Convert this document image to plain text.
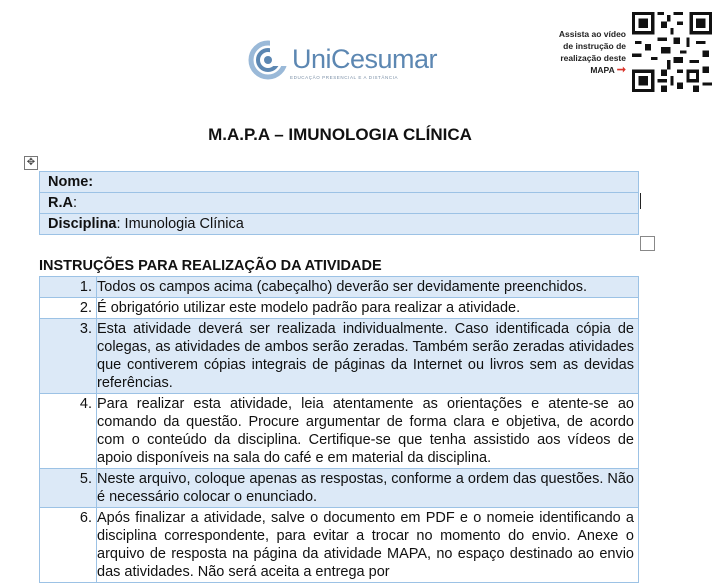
UniCesumar
EDUCAÇÃO PRESENCIAL E A DISTÂNCIA
Assista ao vídeo
de instrução de
realização deste
MAPA ➞
M.A.P.A – IMUNOLOGIA CLÍNICA
✥
Nome:
R.A:
Disciplina: Imunologia Clínica
INSTRUÇÕES PARA REALIZAÇÃO DA ATIVIDADE
1.	Todos os campos acima (cabeçalho) deverão ser devidamente preenchidos.
2.	É obrigatório utilizar este modelo padrão para realizar a atividade.
3.	Esta atividade deverá ser realizada individualmente. Caso identificada cópia de colegas, as atividades de ambos serão zeradas. Também serão zeradas atividades que contiverem cópias integrais de páginas da Internet ou livros sem as devidas referências.
4.	Para realizar esta atividade, leia atentamente as orientações e atente-se ao comando da questão. Procure argumentar de forma clara e objetiva, de acordo com o conteúdo da disciplina. Certifique-se que tenha assistido aos vídeos de apoio disponíveis na sala do café e em material da disciplina.
5.	Neste arquivo, coloque apenas as respostas, conforme a ordem das questões. Não é necessário colocar o enunciado.
6.	Após finalizar a atividade, salve o documento em PDF e o nomeie identificando a disciplina correspondente, para evitar a trocar no momento do envio. Anexe o arquivo de resposta na página da atividade MAPA, no espaço destinado ao envio das atividades. Não será aceita a entrega por
